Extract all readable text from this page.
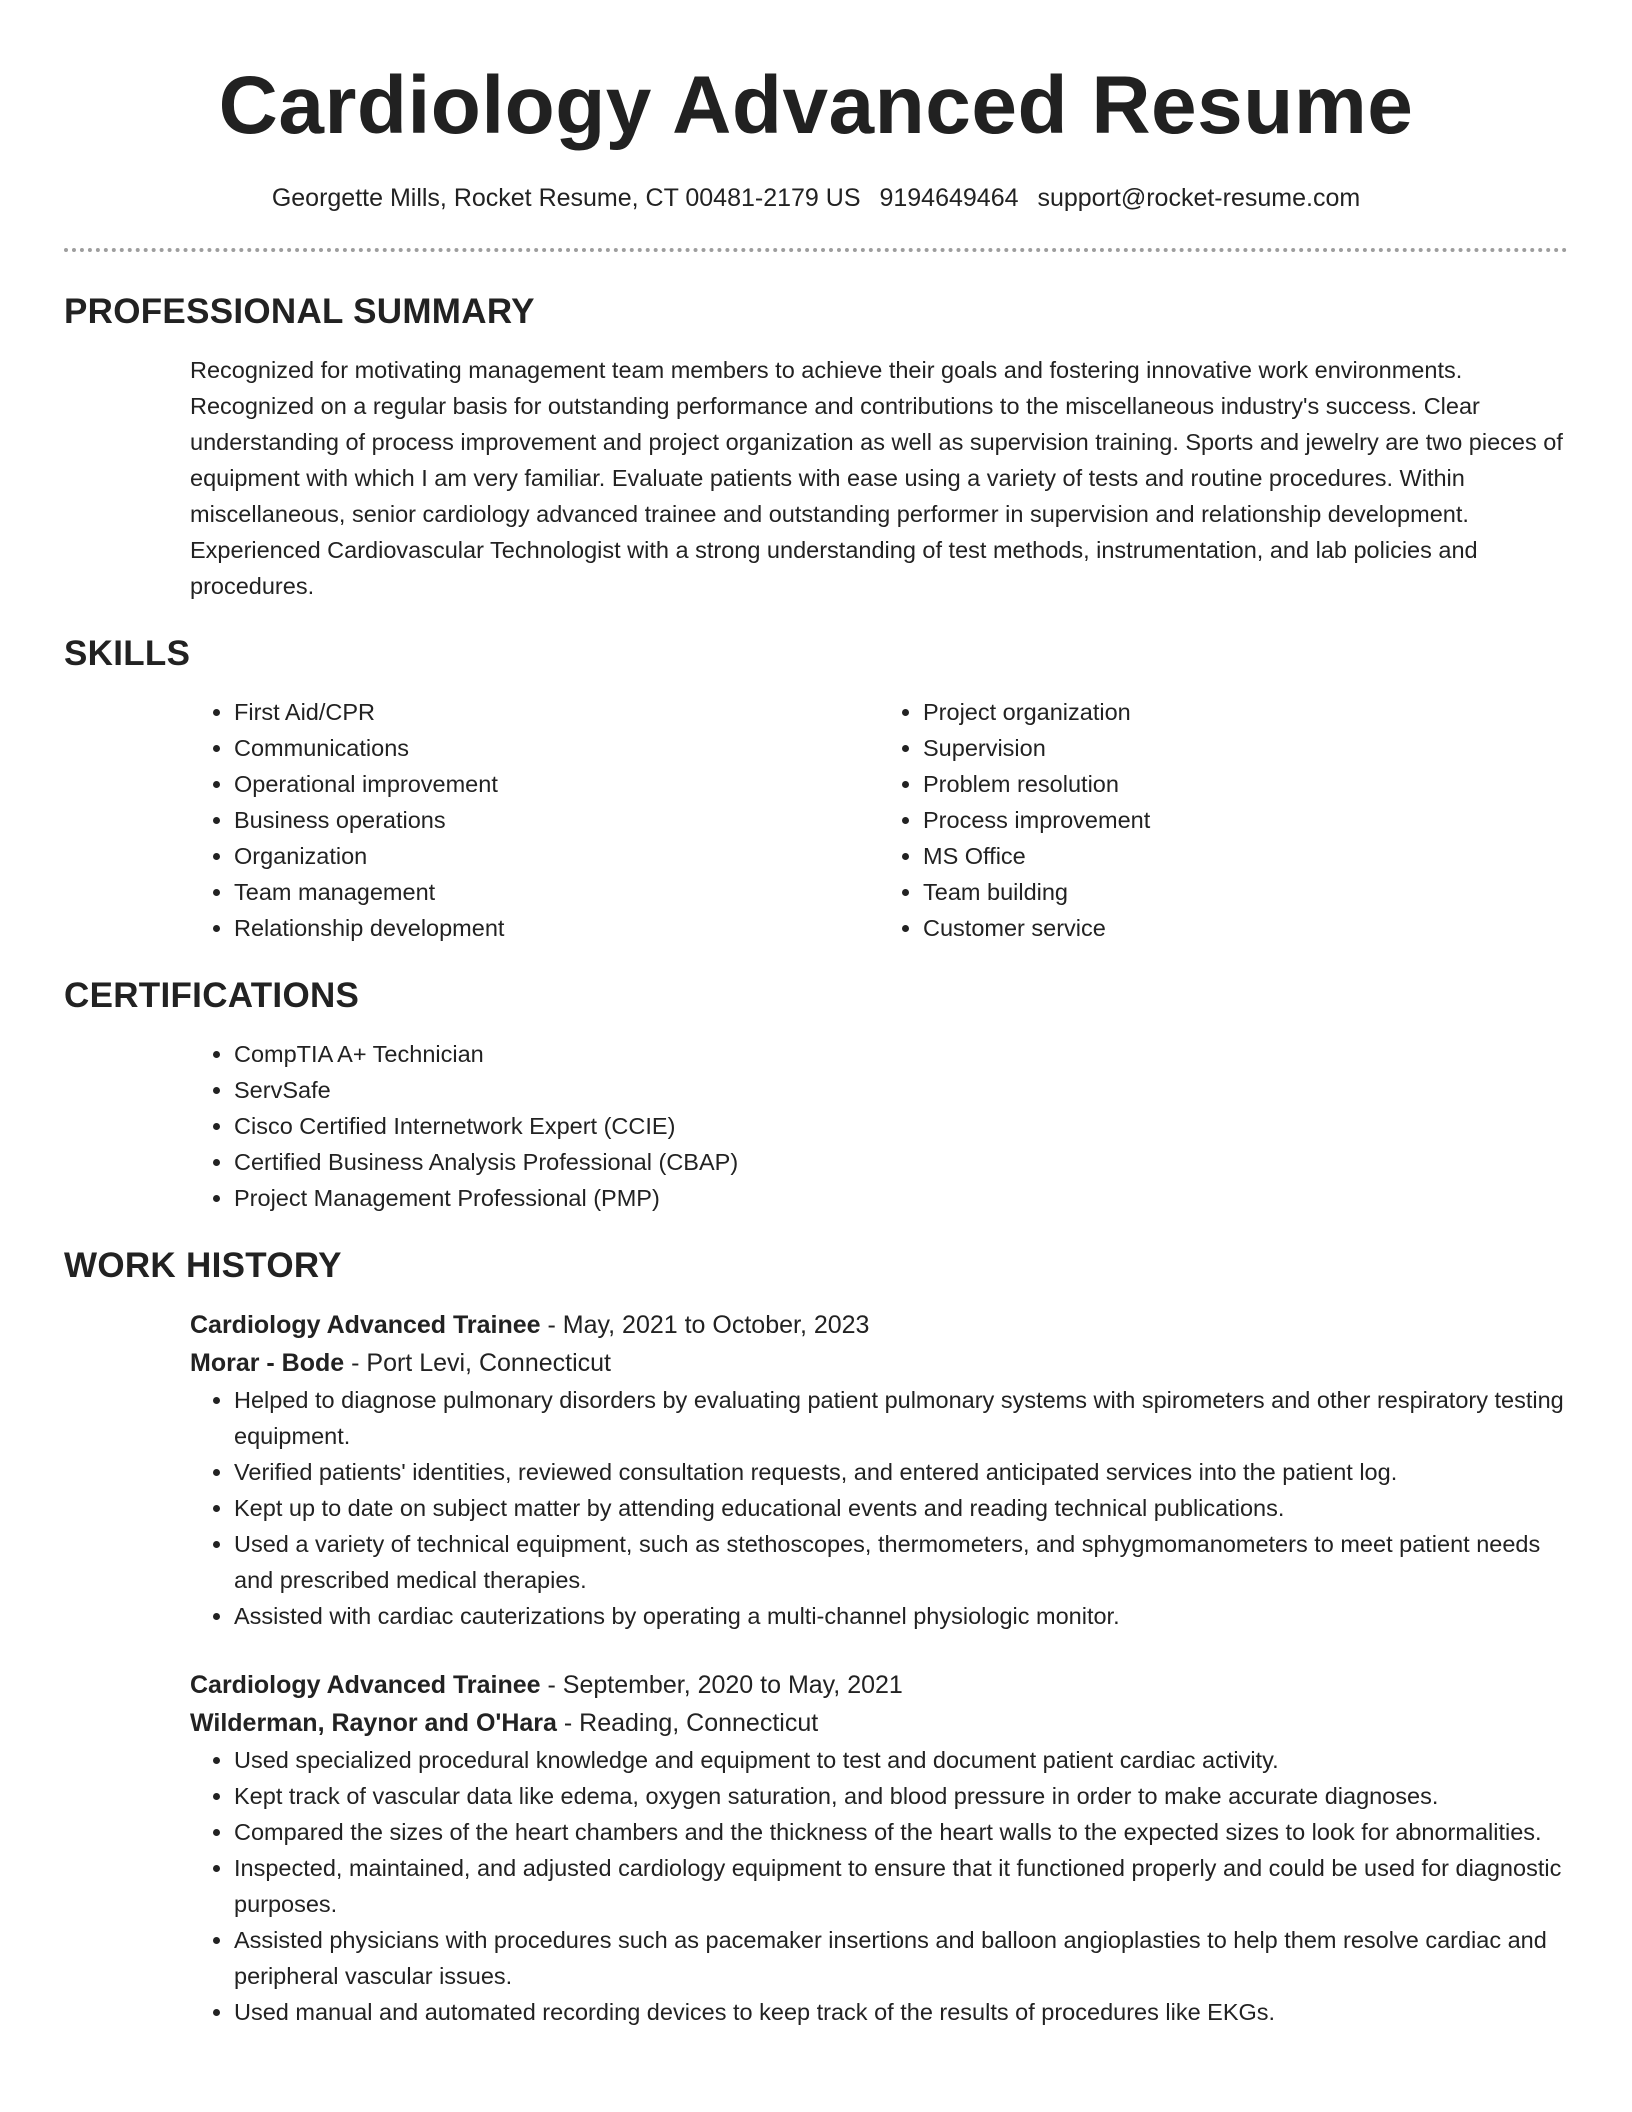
Cardiology Advanced Resume
Georgette Mills, Rocket Resume, CT 00481-2179 US 9194649464 support@rocket-resume.com
PROFESSIONAL SUMMARY

Recognized for motivating management team members to achieve their goals and fostering innovative work environments. Recognized on a regular basis for outstanding performance and contributions to the miscellaneous industry's success. Clear understanding of process improvement and project organization as well as supervision training. Sports and jewelry are two pieces of equipment with which I am very familiar. Evaluate patients with ease using a variety of tests and routine procedures. Within miscellaneous, senior cardiology advanced trainee and outstanding performer in supervision and relationship development. Experienced Cardiovascular Technologist with a strong understanding of test methods, instrumentation, and lab policies and procedures.

SKILLS
• First Aid/CPR
• Communications
• Operational improvement
• Business operations
• Organization
• Team management
• Relationship development
• Project organization
• Supervision
• Problem resolution
• Process improvement
• MS Office
• Team building
• Customer service
CERTIFICATIONS
• CompTIA A+ Technician
• ServSafe
• Cisco Certified Internetwork Expert (CCIE)
• Certified Business Analysis Professional (CBAP)
• Project Management Professional (PMP)
WORK HISTORY

Cardiology Advanced Trainee - May, 2021 to October, 2023

Morar - Bode - Port Levi, Connecticut

• Helped to diagnose pulmonary disorders by evaluating patient pulmonary systems with spirometers and other respiratory testing equipment.
• Verified patients' identities, reviewed consultation requests, and entered anticipated services into the patient log.
• Kept up to date on subject matter by attending educational events and reading technical publications.
• Used a variety of technical equipment, such as stethoscopes, thermometers, and sphygmomanometers to meet patient needs and prescribed medical therapies.
• Assisted with cardiac cauterizations by operating a multi-channel physiologic monitor.

Cardiology Advanced Trainee - September, 2020 to May, 2021

Wilderman, Raynor and O'Hara - Reading, Connecticut

• Used specialized procedural knowledge and equipment to test and document patient cardiac activity.
• Kept track of vascular data like edema, oxygen saturation, and blood pressure in order to make accurate diagnoses.
• Compared the sizes of the heart chambers and the thickness of the heart walls to the expected sizes to look for abnormalities.
• Inspected, maintained, and adjusted cardiology equipment to ensure that it functioned properly and could be used for diagnostic purposes.
• Assisted physicians with procedures such as pacemaker insertions and balloon angioplasties to help them resolve cardiac and peripheral vascular issues.
• Used manual and automated recording devices to keep track of the results of procedures like EKGs.
